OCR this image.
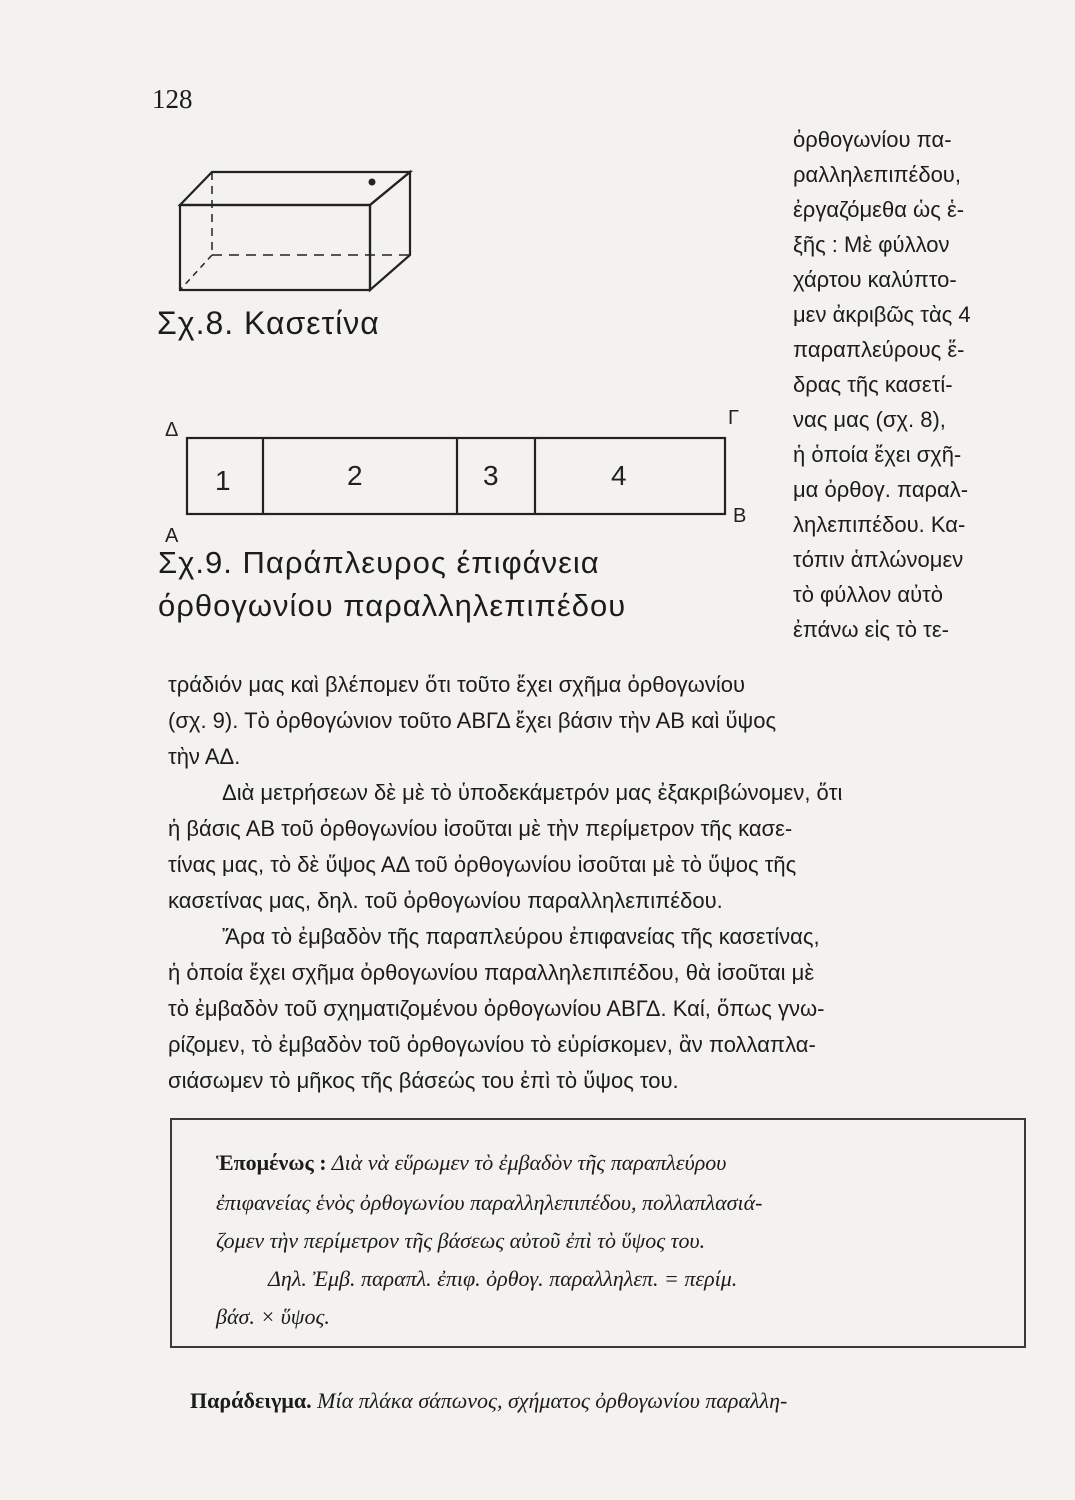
128
Σχ.8. Κασετίνα
ὀρθογωνίου πα-
ραλληλεπιπέδου,
ἐργαζόμεθα ὡς ἑ-
ξῆς : Μὲ φύλλον
χάρτου καλύπτο-
μεν ἀκριβῶς τὰς 4
παραπλεύρους ἕ-
δρας τῆς κασετί-
νας μας (σχ. 8),
ἡ ὁποία ἔχει σχῆ-
μα ὀρθογ. παραλ-
ληλεπιπέδου. Κα-
τόπιν ἁπλώνομεν
τὸ φύλλον αὐτὸ
ἐπάνω εἰς τὸ τε-
Δ
Γ
Α
Β
1	2	3	4
Σχ.9. Παράπλευρος έπιφάνεια
όρθογωνίου παραλληλεπιπέδου
τράδιόν μας καὶ βλέπομεν ὅτι τοῦτο ἔχει σχῆμα ὀρθογωνίου
(σχ. 9). Τὸ ὀρθογώνιον τοῦτο ΑΒΓΔ ἔχει βάσιν τὴν ΑΒ καὶ ὕψος
τὴν ΑΔ.
Διὰ μετρήσεων δὲ μὲ τὸ ὑποδεκάμετρόν μας ἐξακριβώνομεν, ὅτι
ἡ βάσις ΑΒ τοῦ ὀρθογωνίου ἰσοῦται μὲ τὴν περίμετρον τῆς κασε-
τίνας μας, τὸ δὲ ὕψος ΑΔ τοῦ ὀρθογωνίου ἰσοῦται μὲ τὸ ὕψος τῆς
κασετίνας μας, δηλ. τοῦ ὀρθογωνίου παραλληλεπιπέδου.
Ἄρα τὸ ἐμβαδὸν τῆς παραπλεύρου ἐπιφανείας τῆς κασετίνας,
ἡ ὁποία ἔχει σχῆμα ὀρθογωνίου παραλληλεπιπέδου, θὰ ἰσοῦται μὲ
τὸ ἐμβαδὸν τοῦ σχηματιζομένου ὀρθογωνίου ΑΒΓΔ. Καί, ὅπως γνω-
ρίζομεν, τὸ ἐμβαδὸν τοῦ ὀρθογωνίου τὸ εὑρίσκομεν, ἂν πολλαπλα-
σιάσωμεν τὸ μῆκος τῆς βάσεώς του ἐπὶ τὸ ὕψος του.
Ἑπομένως : Διὰ νὰ εὕρωμεν τὸ ἐμβαδὸν τῆς παραπλεύρου
ἐπιφανείας ἑνὸς ὀρθογωνίου παραλληλεπιπέδου, πολλαπλασιά-
ζομεν τὴν περίμετρον τῆς βάσεως αὐτοῦ ἐπὶ τὸ ὕψος του.
Δηλ. Ἐμβ. παραπλ. ἐπιφ. ὀρθογ. παραλληλεπ. = περίμ.
βάσ. × ὕψος.
Παράδειγμα. Μία πλάκα σάπωνος, σχήματος ὀρθογωνίου παραλλη-
